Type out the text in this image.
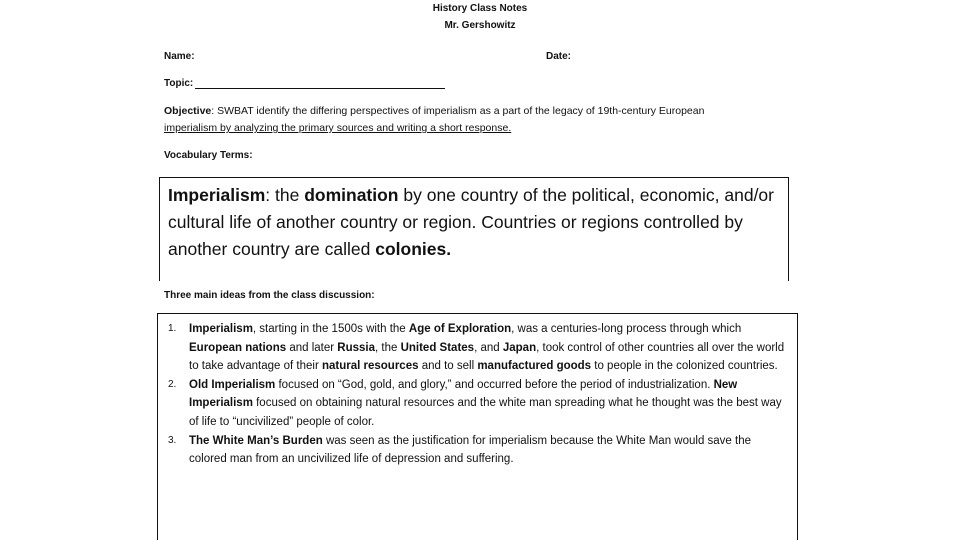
History Class Notes
Mr. Gershowitz
Name:	Date:
Topic:
Objective: SWBAT identify the differing perspectives of imperialism as a part of the legacy of 19th-century European
imperialism by analyzing the primary sources and writing a short response.
Vocabulary Terms:
Imperialism: the domination by one country of the political, economic, and/or cultural life of another country or region. Countries or regions controlled by another country are called colonies.
Three main ideas from the class discussion:
1. Imperialism, starting in the 1500s with the Age of Exploration, was a centuries-long process through which European nations and later Russia, the United States, and Japan, took control of other countries all over the world to take advantage of their natural resources and to sell manufactured goods to people in the colonized countries.
2. Old Imperialism focused on “God, gold, and glory,” and occurred before the period of industrialization. New Imperialism focused on obtaining natural resources and the white man spreading what he thought was the best way of life to “uncivilized” people of color.
3. The White Man’s Burden was seen as the justification for imperialism because the White Man would save the colored man from an uncivilized life of depression and suffering.
